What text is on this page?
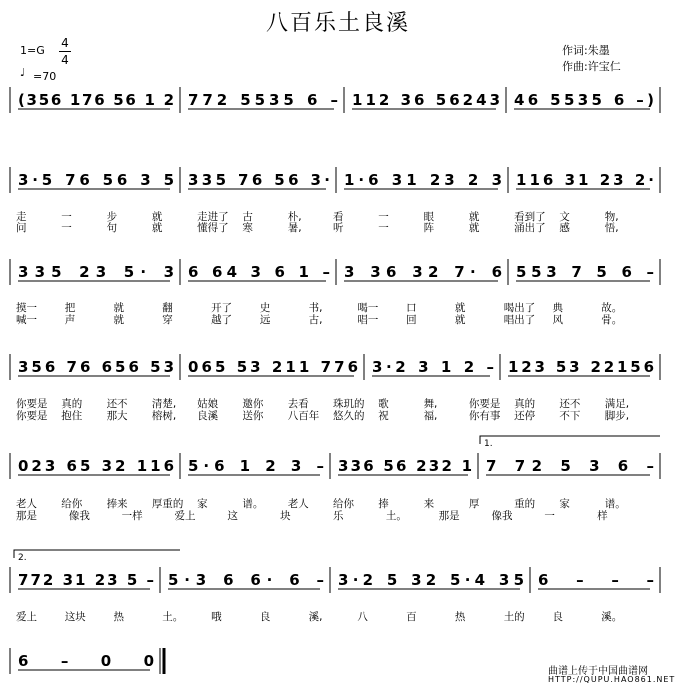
八百乐土良溪
1=G
4
4
♩ =70
作词:朱墨
作曲:许宝仁
(356 176 56 1 2 772 5535 6 – 112 36 56243 46 5535 6 –)
3·5 76 56 3 5 335 76 56 3· 1·6 31 23 2 3 116 31 23 2·
走	一	步	就	走进了 古	朴,	看	一	眼	就	看到了 文	物,
问	一	句	就	懂得了 寒	暑,	听	一	阵	就	涌出了 感	悟,
335 23 5· 3 6 64 3 6 1 – 3 36 32 7· 6 553 7 5 6 –
摸一	把	就	翻	开了	史	书,	喝一	口	就	喝出了 典	故。
喊一	声	就	穿	越了	远	古,	唱一	回	就	唱出了 风	骨。
356 76 656 53 065 53 211 776 3·2 3 1 2 – 123 53 22156
你要是 真的 还不 清楚, 姑娘 邀你 去看 珠玑的 歌	舞,	你要是 真的 还不 满足,
你要是 抱住 那大 榕树, 良溪 送你 八百年 悠久的 祝	福,	你有事 还停 不下 脚步,
023 65 32 116 5·6 1 2 3 – 336 56 232 1 7 72 5 3 6 –
1.
老人 给你 捧来 厚重的 家	谱。 老人 给你 捧	来	厚	重的 家	谱。
那是	像我	一样	爱上	这	块	乐	土。	那是	像我	一	样
772 31 23 5 – 5·3 6 6· 6 – 3·2 5 32 5·4 35 6 – – –
2.
爱上	这块	热	土。	哦	良	溪,	八	百	热	土的	良	溪。
6 – 0 0
曲谱上传于中国曲谱网
HTTP://QUPU.HAO861.NET
